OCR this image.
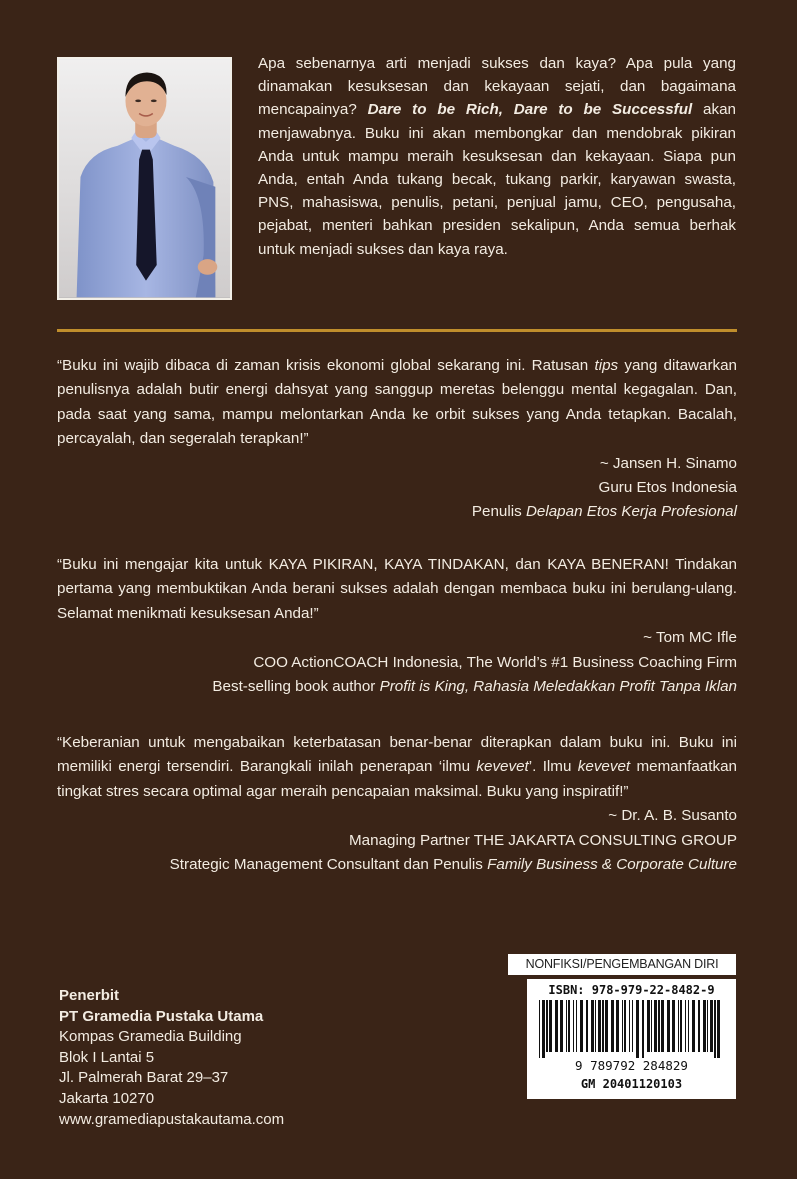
Apa sebenarnya arti menjadi sukses dan kaya? Apa pula yang dinamakan kesuksesan dan kekayaan sejati, dan bagaimana mencapainya? Dare to be Rich, Dare to be Successful akan menjawabnya. Buku ini akan membongkar dan mendobrak pikiran Anda untuk mampu meraih kesuksesan dan kekayaan. Siapa pun Anda, entah Anda tukang becak, tukang parkir, karyawan swasta, PNS, mahasiswa, penulis, petani, penjual jamu, CEO, pengusaha, pejabat, menteri bahkan presiden sekalipun, Anda semua berhak untuk menjadi sukses dan kaya raya.
“Buku ini wajib dibaca di zaman krisis ekonomi global sekarang ini. Ratusan tips yang ditawarkan penulisnya adalah butir energi dahsyat yang sanggup meretas belenggu mental kegagalan. Dan, pada saat yang sama, mampu melontarkan Anda ke orbit sukses yang Anda tetapkan. Bacalah, percayalah, dan segeralah terapkan!”
~ Jansen H. Sinamo
Guru Etos Indonesia
Penulis Delapan Etos Kerja Profesional
“Buku ini mengajar kita untuk KAYA PIKIRAN, KAYA TINDAKAN, dan KAYA BENERAN! Tindakan pertama yang membuktikan Anda berani sukses adalah dengan membaca buku ini berulang-ulang. Selamat menikmati kesuksesan Anda!”
~ Tom MC Ifle
COO ActionCOACH Indonesia, The World’s #1 Business Coaching Firm
Best-selling book author Profit is King, Rahasia Meledakkan Profit Tanpa Iklan
“Keberanian untuk mengabaikan keterbatasan benar-benar diterapkan dalam buku ini. Buku ini memiliki energi tersendiri. Barangkali inilah penerapan ‘ilmu kevevet’. Ilmu kevevet memanfaatkan tingkat stres secara optimal agar meraih pencapaian maksimal. Buku yang inspiratif!”
~ Dr. A. B. Susanto
Managing Partner THE JAKARTA CONSULTING GROUP
Strategic Management Consultant dan Penulis Family Business & Corporate Culture
Penerbit
PT Gramedia Pustaka Utama
Kompas Gramedia Building
Blok I Lantai 5
Jl. Palmerah Barat 29–37
Jakarta 10270
www.gramediapustakautama.com
NONFIKSI/PENGEMBANGAN DIRI
ISBN: 978-979-22-8482-9
9 789792 284829
GM 20401120103
